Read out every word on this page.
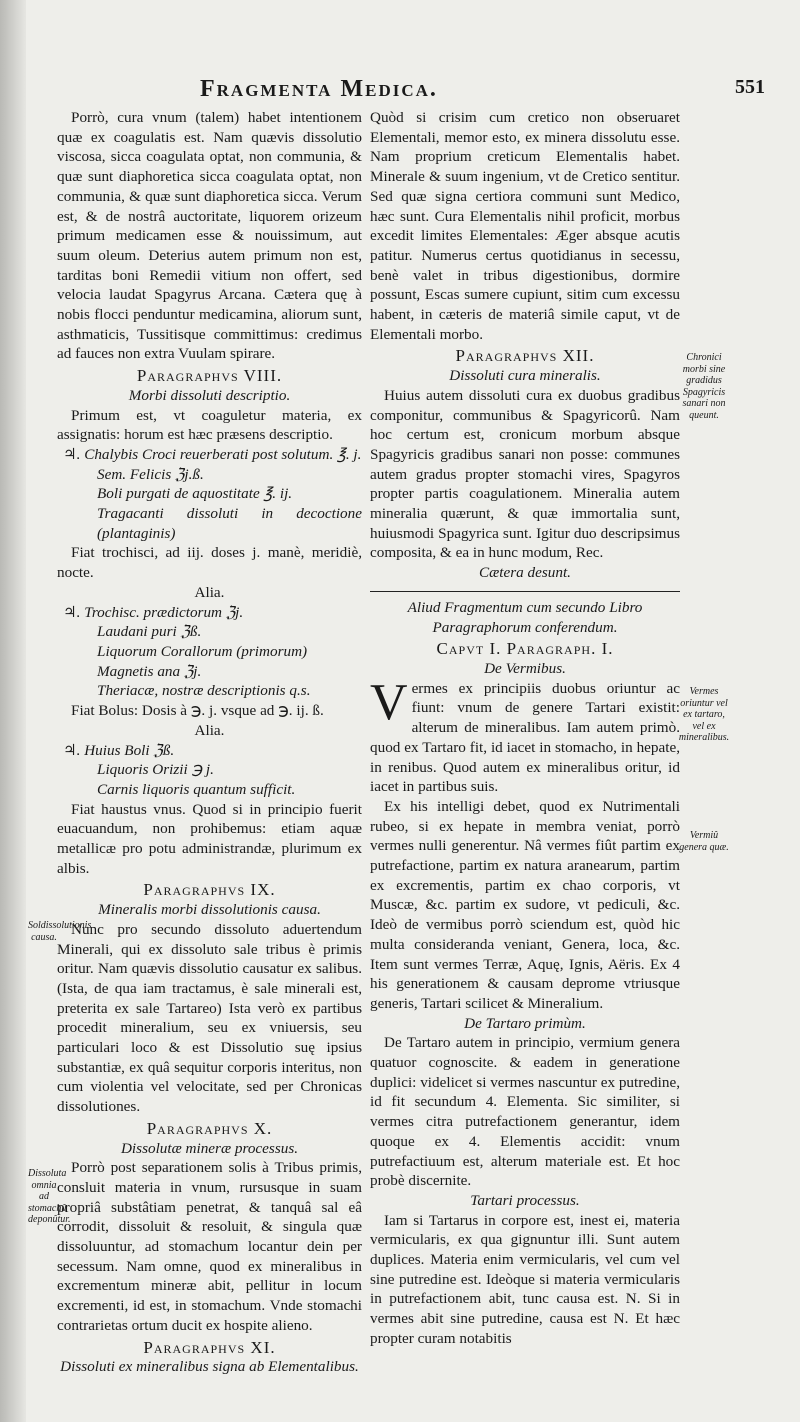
Fragmenta Medica.	551

Porrò, cura vnum (talem) habet intentionem quæ ex coagulatis est. Nam quævis dissolutio viscosa, sicca coagulata optat, non communia, & quæ sunt diaphoretica sicca coagulata optat, non communia, & quæ sunt diaphoretica sicca. Verum est, & de nostrâ auctoritate, liquorem orizeum primum medicamen esse & nouissimum, aut suum oleum. Deterius autem primum non est, tarditas boni Remedii vitium non offert, sed velocia laudat Spagyrus Arcana. Cætera quę à nobis flocci penduntur medicamina, aliorum sunt, asthmaticis, Tussitisque committimus: credimus ad fauces non extra Vuulam spirare.

Paragraphvs VIII.

Morbi dissoluti descriptio.

Primum est, vt coaguletur materia, ex assignatis: horum est hæc præsens descriptio.

♃. Chalybis Croci reuerberati post solutum. ℥. j.

Sem. Felicis ℨj.ß.

Boli purgati de aquostitate ℥. ij.

Tragacanti dissoluti in decoctione (plantaginis)

Fiat trochisci, ad iij. doses j. manè, meridiè, nocte.

Alia.

♃. Trochisc. prædictorum ℨj.

Laudani puri ℨß.

Liquorum Corallorum (primorum)

Magnetis ana ℨj.

Theriacæ, nostræ descriptionis q.s.

Fiat Bolus: Dosis à ℈. j. vsque ad ℈. ij. ß.

Alia.

♃. Huius Boli ℨß.

Liquoris Orizii ℈ j.

Carnis liquoris quantum sufficit.

Fiat haustus vnus. Quod si in principio fuerit euacuandum, non prohibemus: etiam aquæ metallicæ pro potu administrandæ, plurimum ex albis.

Paragraphvs IX.

Mineralis morbi dissolutionis causa.

Nunc pro secundo dissoluto aduertendum Minerali, qui ex dissoluto sale tribus è primis oritur. Nam quævis dissolutio causatur ex salibus. (Ista, de qua iam tractamus, è sale minerali est, preterita ex sale Tartareo) Ista verò ex partibus procedit mineralium, seu ex vniuersis, seu particulari loco & est Dissolutio suę ipsius substantiæ, ex quâ sequitur corporis interitus, non cum violentia vel velocitate, sed per Chronicas dissolutiones.

Paragraphvs X.

Dissolutæ mineræ processus.

Porrò post separationem solis à Tribus primis, consluit materia in vnum, rursusque in suam propriâ substâtiam penetrat, & tanquâ sal eâ corrodit, dissoluit & resoluit, & singula quæ dissoluuntur, ad stomachum locantur dein per secessum. Nam omne, quod ex mineralibus in excrementum mineræ abit, pellitur in locum excrementi, id est, in stomachum. Vnde stomachi contrarietas ortum ducit ex hospite alieno.

Paragraphvs XI.

Dissoluti ex mineralibus signa ab Elementalibus.

Quòd si crisim cum cretico non obseruaret Elementali, memor esto, ex minera dissolutu esse. Nam proprium creticum Elementalis habet. Minerale & suum ingenium, vt de Cretico sentitur. Sed quæ signa certiora communi sunt Medico, hæc sunt. Cura Elementalis nihil proficit, morbus excedit limites Elementales: Æger absque acutis patitur. Numerus certus quotidianus in secessu, benè valet in tribus digestionibus, dormire possunt, Escas sumere cupiunt, sitim cum excessu habent, in cæteris de materiâ simile caput, vt de Elementali morbo.

Paragraphvs XII.

Dissoluti cura mineralis.

Huius autem dissoluti cura ex duobus gradibus componitur, communibus & Spagyricorû. Nam hoc certum est, cronicum morbum absque Spagyricis gradibus sanari non posse: communes autem gradus propter stomachi vires, Spagyros propter partis coagulationem. Mineralia autem mineralia quærunt, & quæ immortalia sunt, huiusmodi Spagyrica sunt. Igitur duo descripsimus composita, & ea in hunc modum, Rec.

Cætera desunt.

Aliud Fragmentum cum secundo Libro Paragraphorum conferendum.

Capvt I. Paragraph. I.

De Vermibus.

Vermes ex principiis duobus oriuntur ac fiunt: vnum de genere Tartari existit: alterum de mineralibus. Iam autem primò. quod ex Tartaro fit, id iacet in stomacho, in hepate, in renibus. Quod autem ex mineralibus oritur, id iacet in partibus suis.

Ex his intelligi debet, quod ex Nutrimentali rubeo, si ex hepate in membra veniat, porrò vermes nulli generentur. Nâ vermes fiût partim ex putrefactione, partim ex natura aranearum, partim ex excrementis, partim ex chao corporis, vt Muscæ, &c. partim ex sudore, vt pediculi, &c. Ideò de vermibus porrò sciendum est, quòd hic multa consideranda veniant, Genera, loca, &c. Item sunt vermes Terræ, Aquę, Ignis, Aëris. Ex 4 his generationem & causam deprome vtriusque generis, Tartari scilicet & Mineralium.

De Tartaro primùm.

De Tartaro autem in principio, vermium genera quatuor cognoscite. & eadem in generatione duplici: videlicet si vermes nascuntur ex putredine, id fit secundum 4. Elementa. Sic similiter, si vermes citra putrefactionem generantur, idem quoque ex 4. Elementis accidit: vnum putrefactiuum est, alterum materiale est. Et hoc probè discernite.

Tartari processus.

Iam si Tartarus in corpore est, inest ei, materia vermicularis, ex qua gignuntur illi. Sunt autem duplices. Materia enim vermicularis, vel cum vel sine putredine est. Ideòque si materia vermicularis in putrefactionem abit, tunc causa est. N. Si in vermes abit sine putredine, causa est N. Et hæc propter curam notabitis

Chronici morbi sine gradidus Spagyricis sanari non queunt.
Vermes oriuntur vel ex tartaro, vel ex mineralibus.
Vermiû genera quæ.
Soldissolutionis causa.
Dissoluta omnia ad stomachû deponûtur.
